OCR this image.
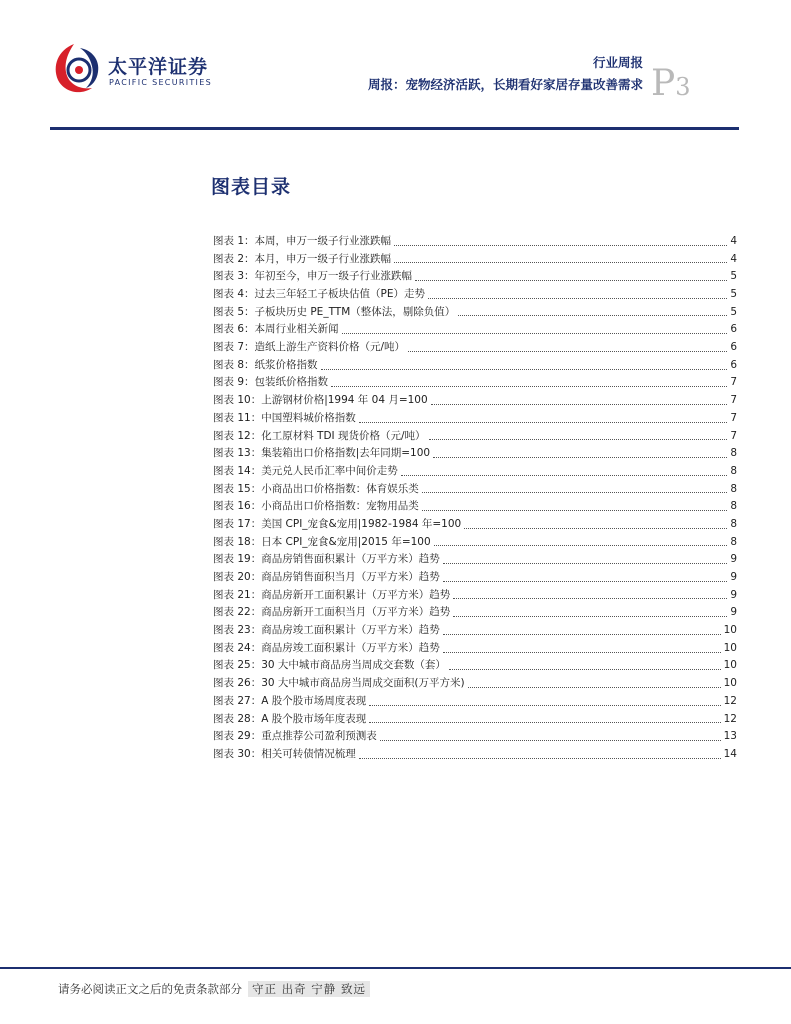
太平洋证券
PACIFIC SECURITIES
行业周报
周报：宠物经济活跃，长期看好家居存量改善需求 P3
图表目录
图表 1：本周，申万一级子行业涨跌幅	4
图表 2：本月，申万一级子行业涨跌幅	4
图表 3：年初至今，申万一级子行业涨跌幅	5
图表 4：过去三年轻工子板块估值（PE）走势	5
图表 5：子板块历史 PE_TTM（整体法，剔除负值）	5
图表 6：本周行业相关新闻	6
图表 7：造纸上游生产资料价格（元/吨）	6
图表 8：纸浆价格指数	6
图表 9：包装纸价格指数	7
图表 10：上游钢材价格|1994 年 04 月=100	7
图表 11：中国塑料城价格指数	7
图表 12：化工原材料 TDI 现货价格（元/吨）	7
图表 13：集装箱出口价格指数|去年同期=100	8
图表 14：美元兑人民币汇率中间价走势	8
图表 15：小商品出口价格指数：体育娱乐类	8
图表 16：小商品出口价格指数：宠物用品类	8
图表 17：美国 CPI_宠食&宠用|1982-1984 年=100	8
图表 18：日本 CPI_宠食&宠用|2015 年=100	8
图表 19：商品房销售面积累计（万平方米）趋势	9
图表 20：商品房销售面积当月（万平方米）趋势	9
图表 21：商品房新开工面积累计（万平方米）趋势	9
图表 22：商品房新开工面积当月（万平方米）趋势	9
图表 23：商品房竣工面积累计（万平方米）趋势	10
图表 24：商品房竣工面积累计（万平方米）趋势	10
图表 25：30 大中城市商品房当周成交套数（套）	10
图表 26：30 大中城市商品房当周成交面积(万平方米)	10
图表 27：A 股个股市场周度表现	12
图表 28：A 股个股市场年度表现	12
图表 29：重点推荐公司盈利预测表	13
图表 30：相关可转债情况梳理	14
请务必阅读正文之后的免责条款部分 守正 出奇 宁静 致远
